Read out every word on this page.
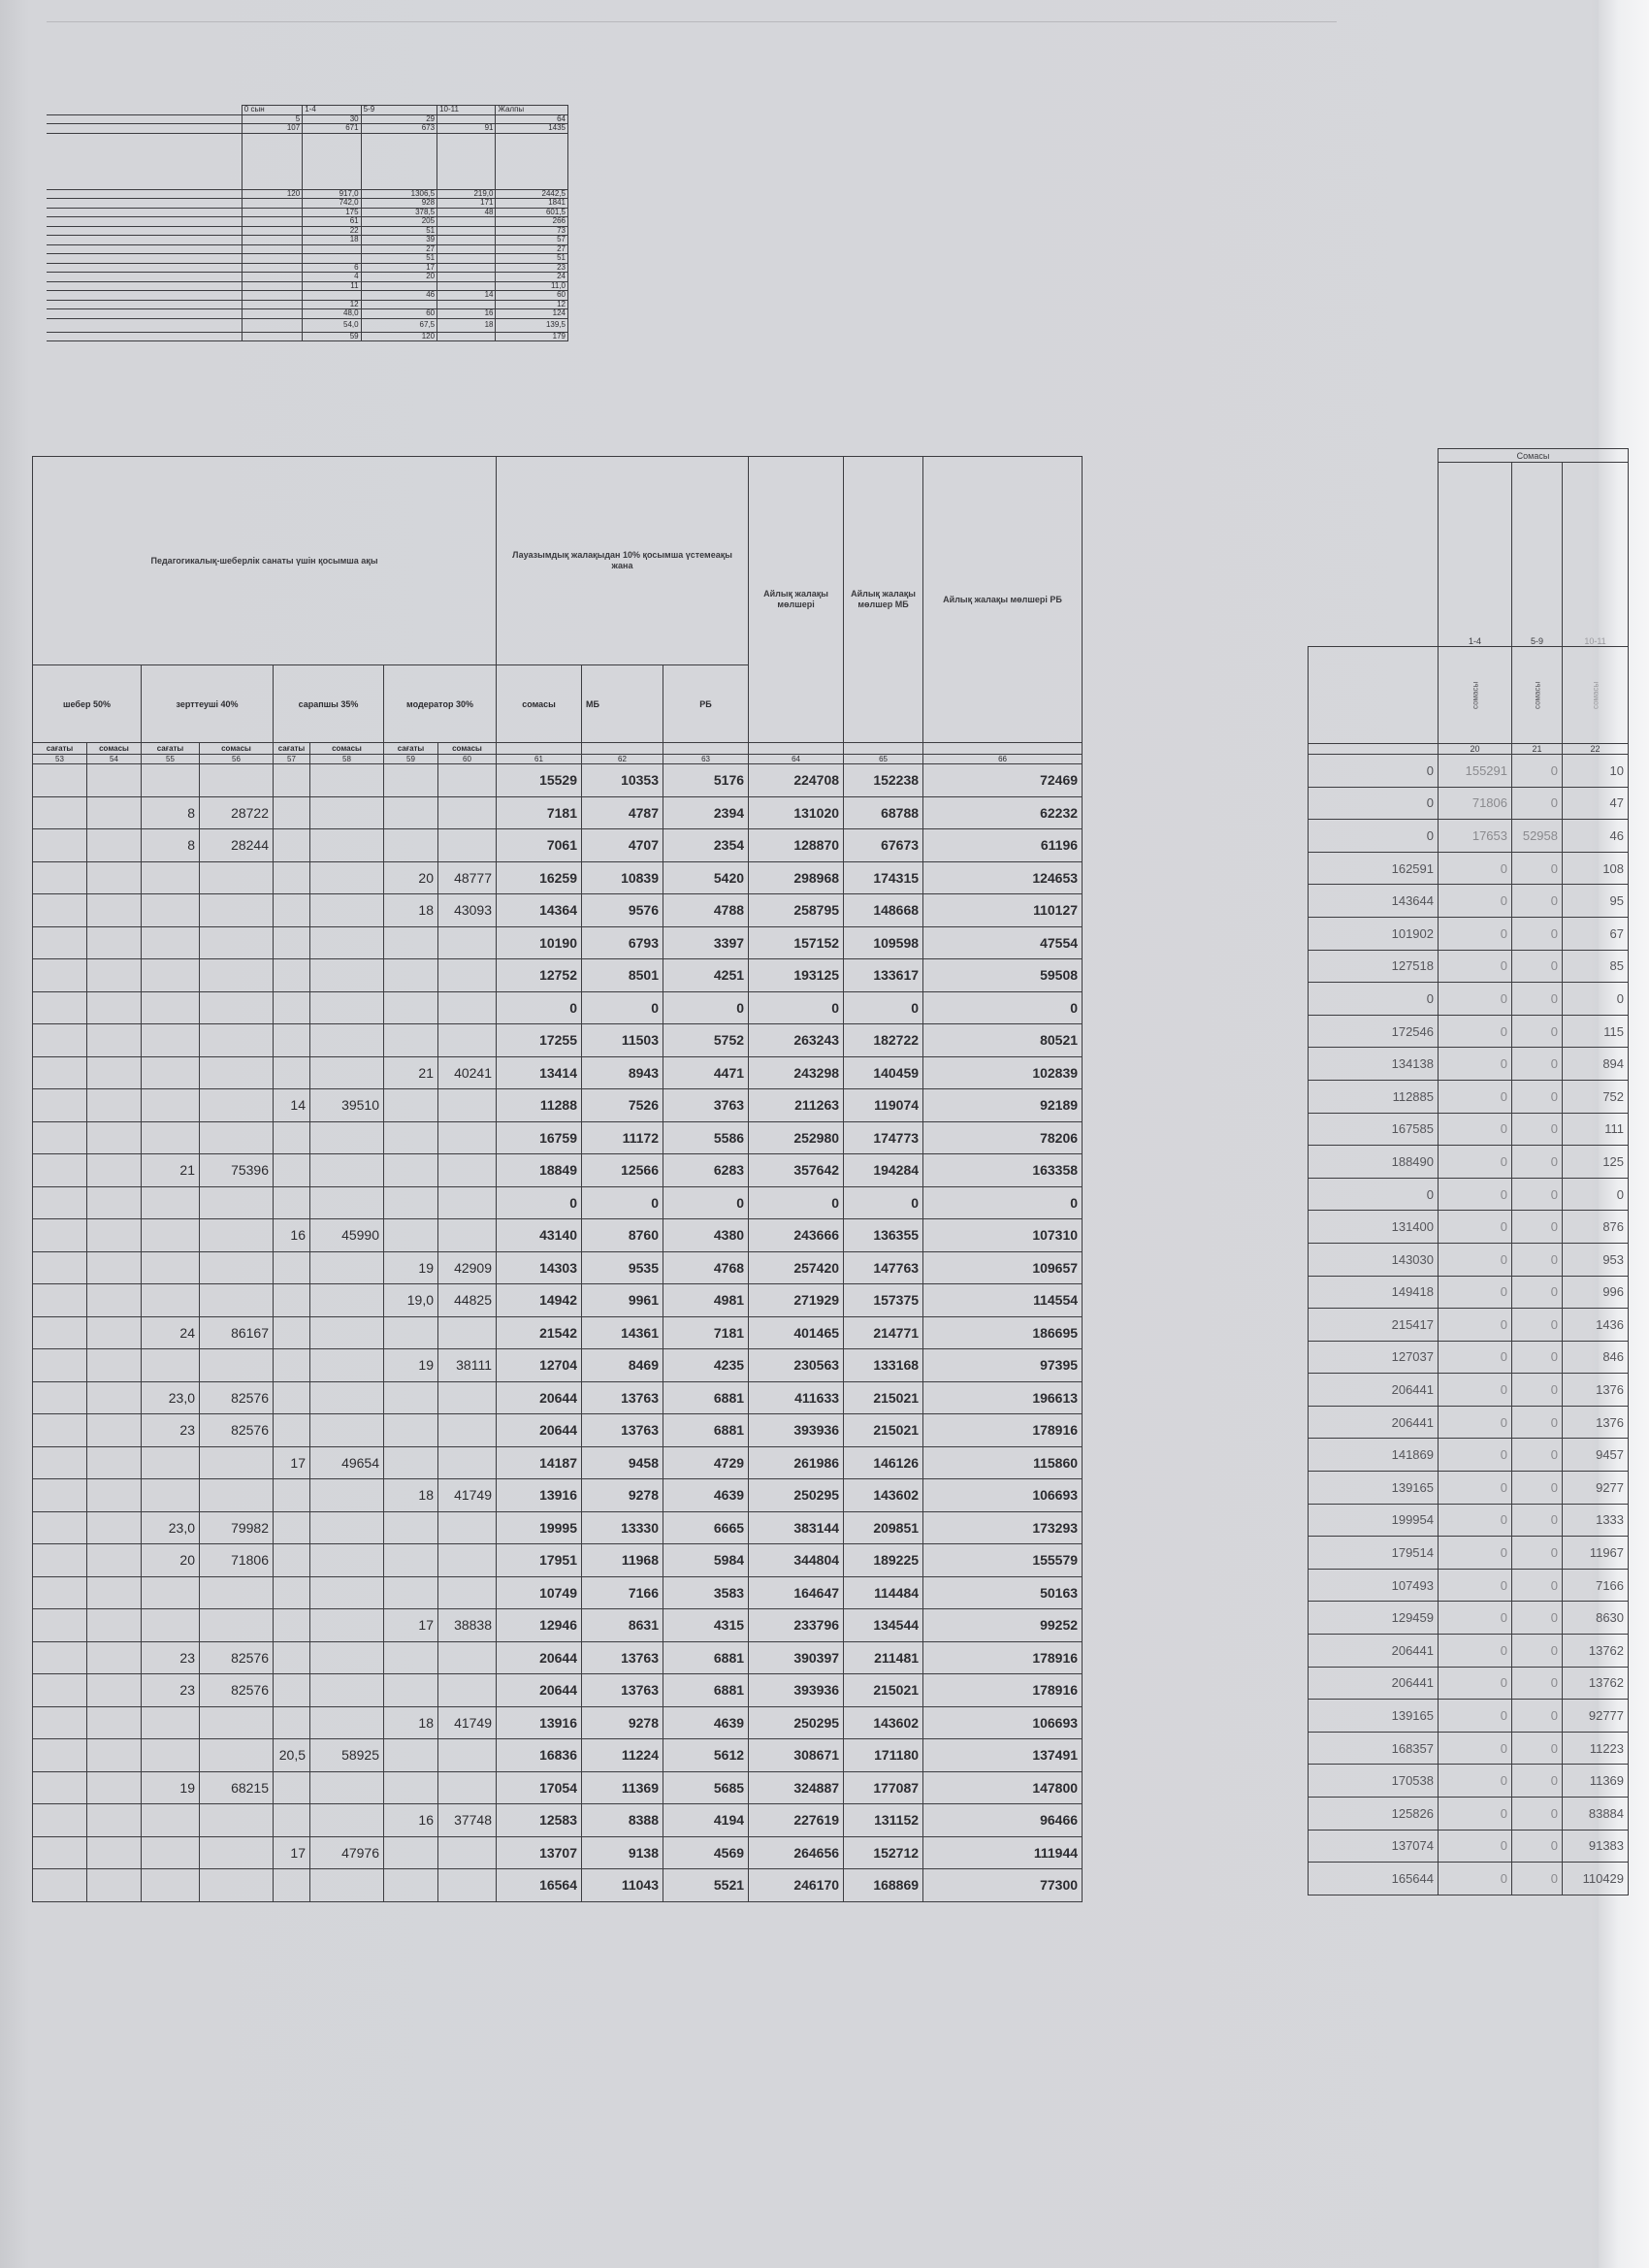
	0 сын	1-4	5-9	10-11	Жалпы
	5	30	29		64
	107	671	673	91	1435

	120	917,0	1306,5	219,0	2442,5
		742,0	928	171	1841
		175	378,5	48	601,5
		61	205		266
		22	51		73
		18	39		57
			27		27
			51		51
		6	17		23
		4	20		24
		11			11,0
			46	14	60
		12			12
		48,0	60	16	124
		54,0	67,5	18	139,5
		59	120		179
Педагогикалық-шеберлік санаты үшін қосымша ақы								Лауазымдық жалақыдан 10% қосымша үстемеақы жана			Айлық жалақы мөлшері	Айлық жалақы мөлшер МБ	Айлық жалақы мөлшері РБ
шебер 50%		зерттеуші 40%		сарапшы 35%		модератор 30%		сомасы	МБ	РБ			
сағаты	сомасы	сағаты	сомасы	сағаты	сомасы	сағаты	сомасы						
53	54	55	56	57	58	59	60	61	62	63	64	65	66
								15529	10353	5176	224708	152238	72469
		8	28722					7181	4787	2394	131020	68788	62232
		8	28244					7061	4707	2354	128870	67673	61196
						20	48777	16259	10839	5420	298968	174315	124653
						18	43093	14364	9576	4788	258795	148668	110127
								10190	6793	3397	157152	109598	47554
								12752	8501	4251	193125	133617	59508
								0	0	0	0	0	0
								17255	11503	5752	263243	182722	80521
						21	40241	13414	8943	4471	243298	140459	102839
				14	39510			11288	7526	3763	211263	119074	92189
								16759	11172	5586	252980	174773	78206
		21	75396					18849	12566	6283	357642	194284	163358
								0	0	0	0	0	0
				16	45990			43140	8760	4380	243666	136355	107310
						19	42909	14303	9535	4768	257420	147763	109657
						19,0	44825	14942	9961	4981	271929	157375	114554
		24	86167					21542	14361	7181	401465	214771	186695
						19	38111	12704	8469	4235	230563	133168	97395
		23,0	82576					20644	13763	6881	411633	215021	196613
		23	82576					20644	13763	6881	393936	215021	178916
				17	49654			14187	9458	4729	261986	146126	115860
						18	41749	13916	9278	4639	250295	143602	106693
		23,0	79982					19995	13330	6665	383144	209851	173293
		20	71806					17951	11968	5984	344804	189225	155579
								10749	7166	3583	164647	114484	50163
						17	38838	12946	8631	4315	233796	134544	99252
		23	82576					20644	13763	6881	390397	211481	178916
		23	82576					20644	13763	6881	393936	215021	178916
						18	41749	13916	9278	4639	250295	143602	106693
				20,5	58925			16836	11224	5612	308671	171180	137491
		19	68215					17054	11369	5685	324887	177087	147800
						16	37748	12583	8388	4194	227619	131152	96466
				17	47976			13707	9138	4569	264656	152712	111944
								16564	11043	5521	246170	168869	77300
	Сомасы		
	1-4	5-9	10-11
	сомасы	сомасы	сомасы
	20	21	22
0	155291	0	10
0	71806	0	47
0	17653	52958	46
162591	0	0	108
143644	0	0	95
101902	0	0	67
127518	0	0	85
0	0	0	0
172546	0	0	115
134138	0	0	894
112885	0	0	752
167585	0	0	111
188490	0	0	125
0	0	0	0
131400	0	0	876
143030	0	0	953
149418	0	0	996
215417	0	0	1436
127037	0	0	846
206441	0	0	1376
206441	0	0	1376
141869	0	0	9457
139165	0	0	9277
199954	0	0	1333
179514	0	0	11967
107493	0	0	7166
129459	0	0	8630
206441	0	0	13762
206441	0	0	13762
139165	0	0	92777
168357	0	0	11223
170538	0	0	11369
125826	0	0	83884
137074	0	0	91383
165644	0	0	110429
